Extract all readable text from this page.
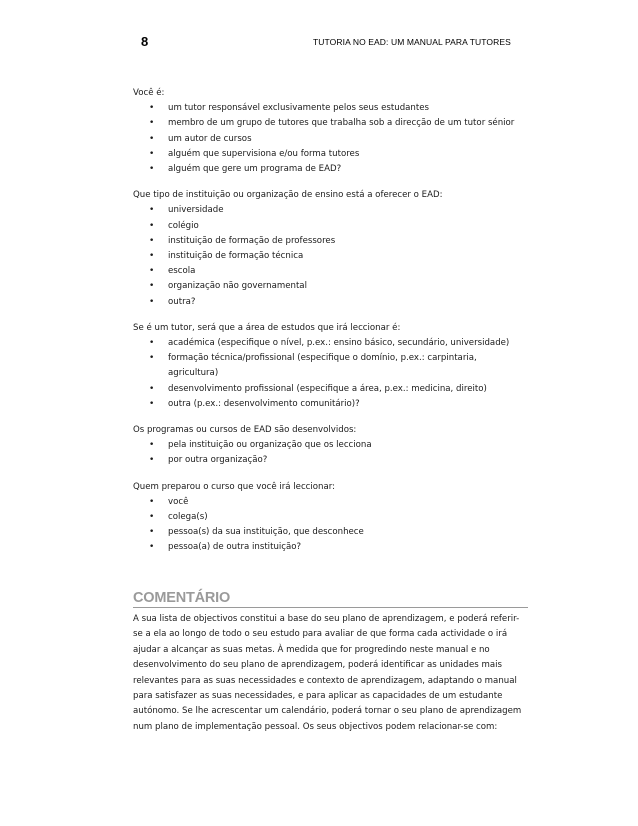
8	TUTORIA NO EAD: UM MANUAL PARA TUTORES

Você é:

• um tutor responsável exclusivamente pelos seus estudantes
• membro de um grupo de tutores que trabalha sob a direcção de um tutor sénior
• um autor de cursos
• alguém que supervisiona e/ou forma tutores
• alguém que gere um programa de EAD?

Que tipo de instituição ou organização de ensino está a oferecer o EAD:

• universidade
• colégio
• instituição de formação de professores
• instituição de formação técnica
• escola
• organização não governamental
• outra?

Se é um tutor, será que a área de estudos que irá leccionar é:

• académica (especifique o nível, p.ex.: ensino básico, secundário, universidade)
• formação técnica/profissional (especifique o domínio, p.ex.: carpintaria, agricultura)
• desenvolvimento profissional (especifique a área, p.ex.: medicina, direito)
• outra (p.ex.: desenvolvimento comunitário)?

Os programas ou cursos de EAD são desenvolvidos:

• pela instituição ou organização que os lecciona
• por outra organização?

Quem preparou o curso que você irá leccionar:

• você
• colega(s)
• pessoa(s) da sua instituição, que desconhece
• pessoa(a) de outra instituição?
COMENTÁRIO

A sua lista de objectivos constitui a base do seu plano de aprendizagem, e poderá referir-se a ela ao longo de todo o seu estudo para avaliar de que forma cada actividade o irá ajudar a alcançar as suas metas. À medida que for progredindo neste manual e no desenvolvimento do seu plano de aprendizagem, poderá identificar as unidades mais relevantes para as suas necessidades e contexto de aprendizagem, adaptando o manual para satisfazer as suas necessidades, e para aplicar as capacidades de um estudante autónomo. Se lhe acrescentar um calendário, poderá tornar o seu plano de aprendizagem num plano de implementação pessoal. Os seus objectivos podem relacionar-se com:
